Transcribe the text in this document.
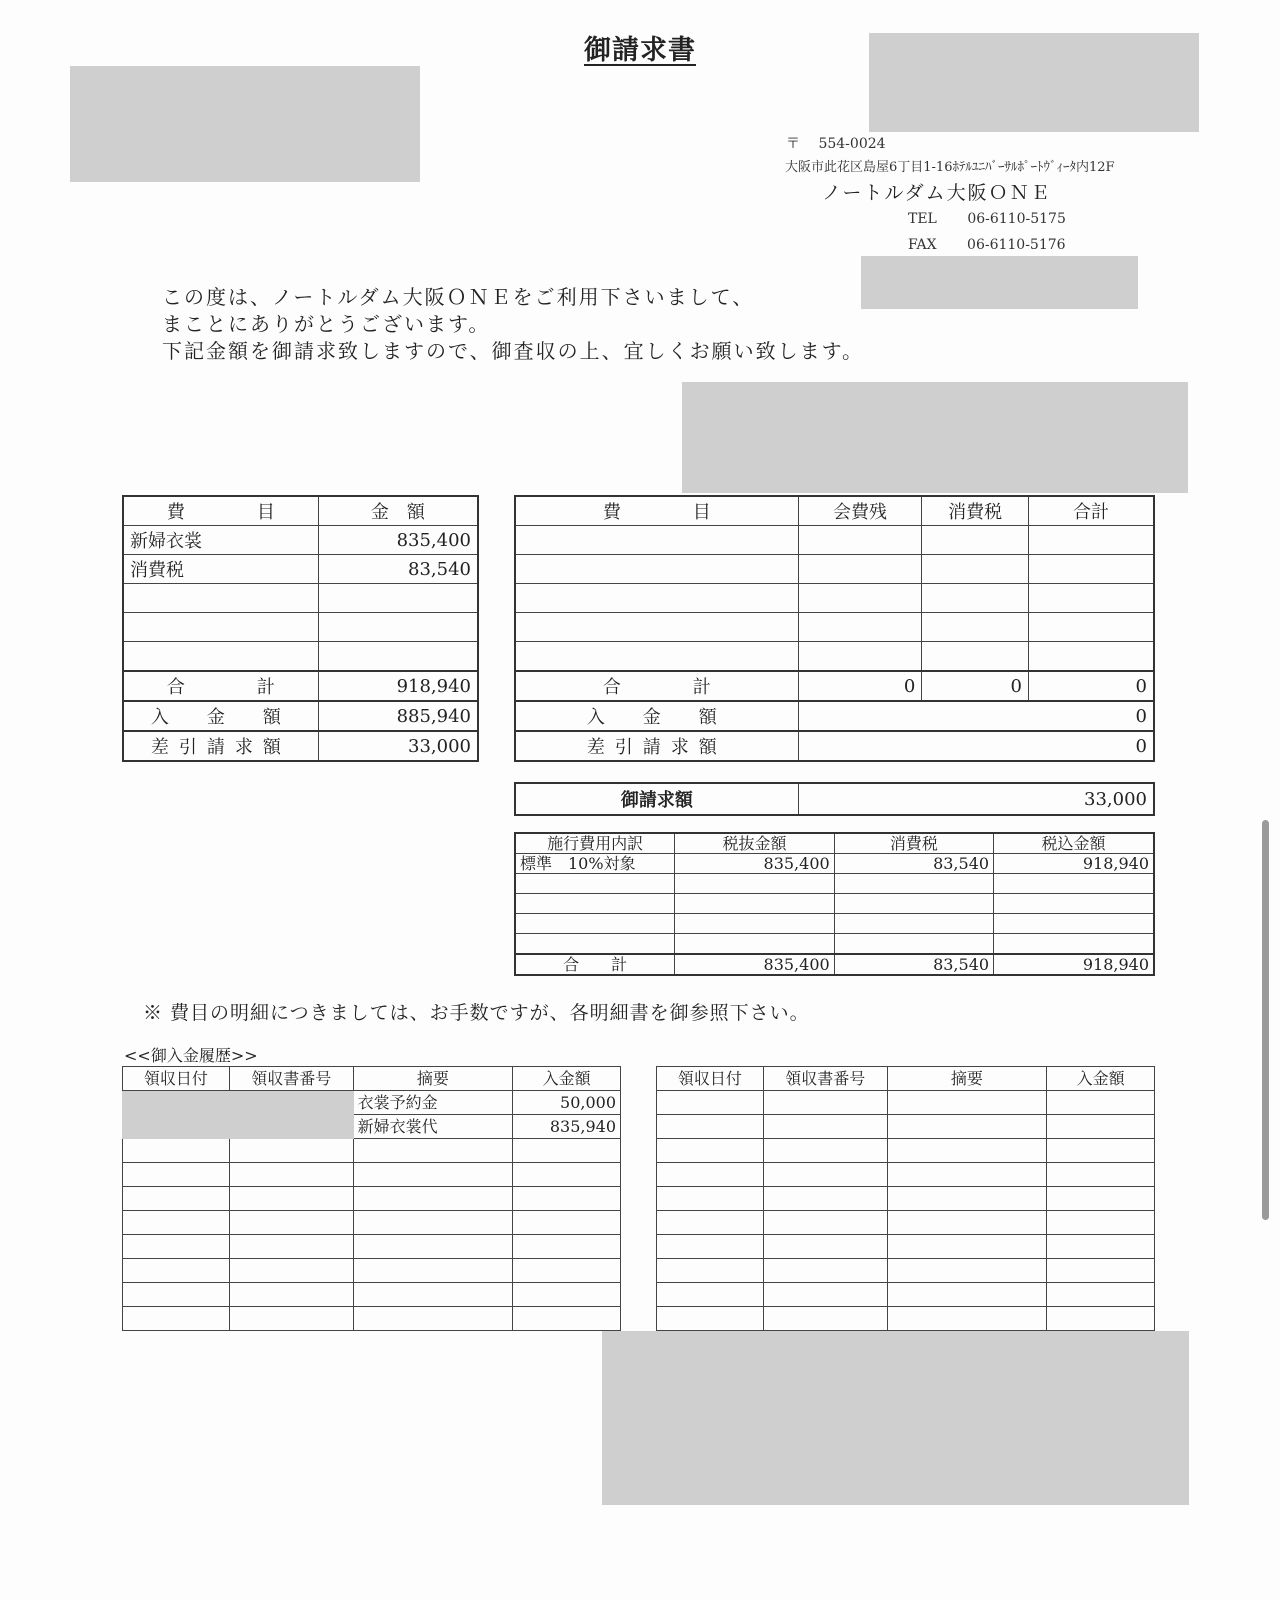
御請求書
〒 554-0024
大阪市此花区島屋6丁目1-16ﾎﾃﾙﾕﾆﾊﾞｰｻﾙﾎﾟｰﾄｳﾞｨｰﾀ内12F
ノートルダム大阪ＯＮＥ
TEL 06-6110-5175
FAX 06-6110-5176
この度は、ノートルダム大阪ＯＮＥをご利用下さいまして、
まことにありがとうございます。
下記金額を御請求致しますので、御査収の上、宜しくお願い致します。
費　　　　目	金　額
新婦衣裳	835,400
消費税	83,540

合　　　　計	918,940
入　金　額	885,940
差引請求額	33,000
費　　　　目	会費残	消費税	合計

合　　　　計	0	0	0
入　金　額	0		
差引請求額	0		
御請求額	33,000
施行費用内訳	税抜金額	消費税	税込金額
標準　10%対象	835,400	83,540	918,940

合　　計	835,400	83,540	918,940
※ 費目の明細につきましては、お手数ですが、各明細書を御参照下さい。
<<御入金履歴>>
領収日付	領収書番号	摘要	入金額
		衣裳予約金	50,000
		新婦衣裳代	835,940

領収日付	領収書番号	摘要	入金額
